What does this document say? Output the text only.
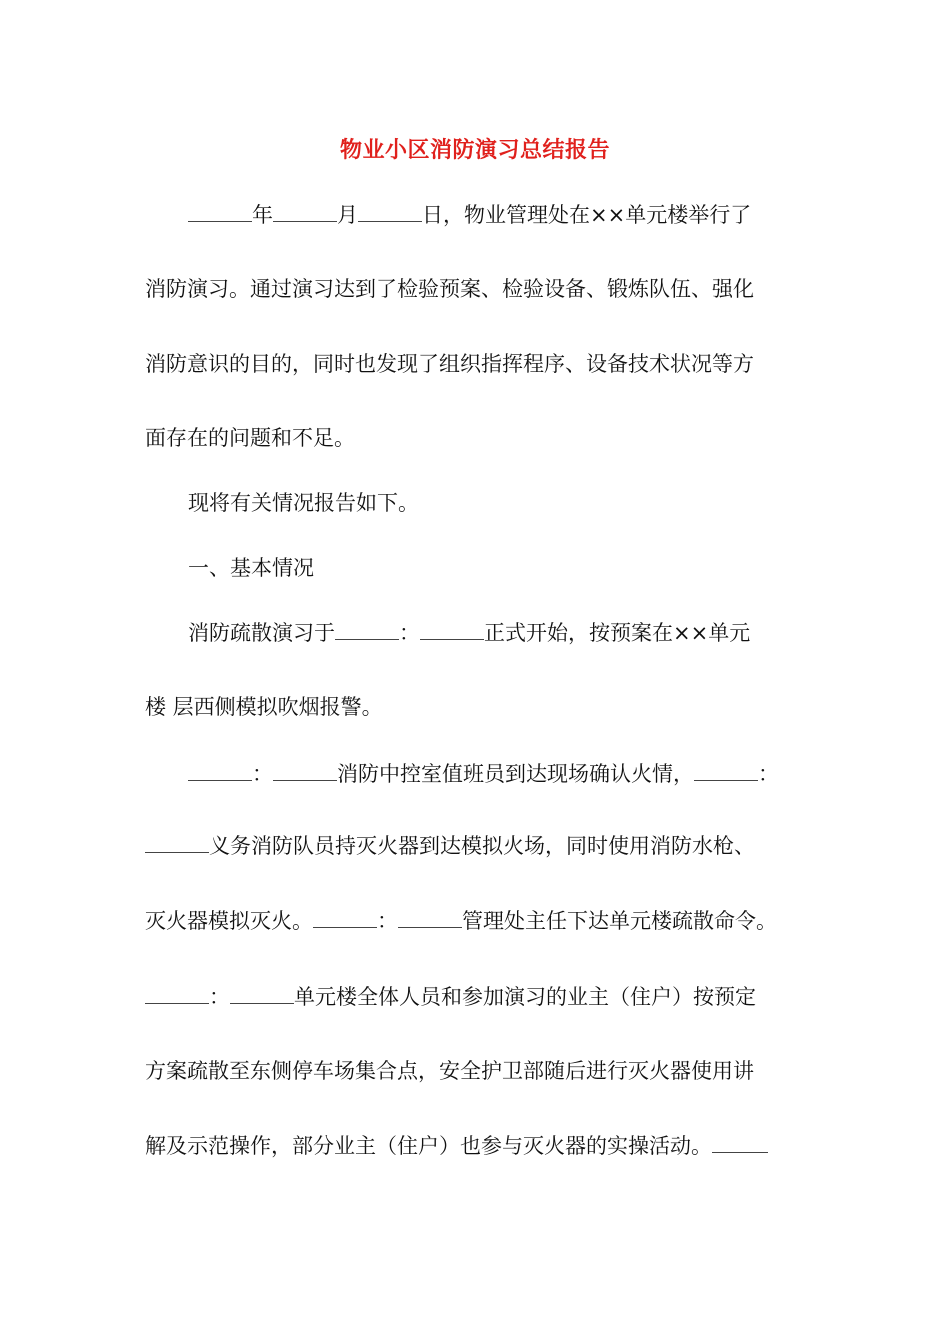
物业小区消防演习总结报告
年	月	日，物业管理处在××单元楼举行了
消防演习。通过演习达到了检验预案、检验设备、锻炼队伍、强化
消防意识的目的，同时也发现了组织指挥程序、设备技术状况等方
面存在的问题和不足。
现将有关情况报告如下。
一、基本情况
消防疏散演习于	：	正式开始，按预案在××单元
楼 层西侧模拟吹烟报警。
：	消防中控室值班员到达现场确认火情，	：
义务消防队员持灭火器到达模拟火场，同时使用消防水枪、
灭火器模拟灭火。	：	管理处主任下达单元楼疏散命令。
：	单元楼全体人员和参加演习的业主（住户）按预定
方案疏散至东侧停车场集合点，安全护卫部随后进行灭火器使用讲
解及示范操作，部分业主（住户）也参与灭火器的实操活动。
